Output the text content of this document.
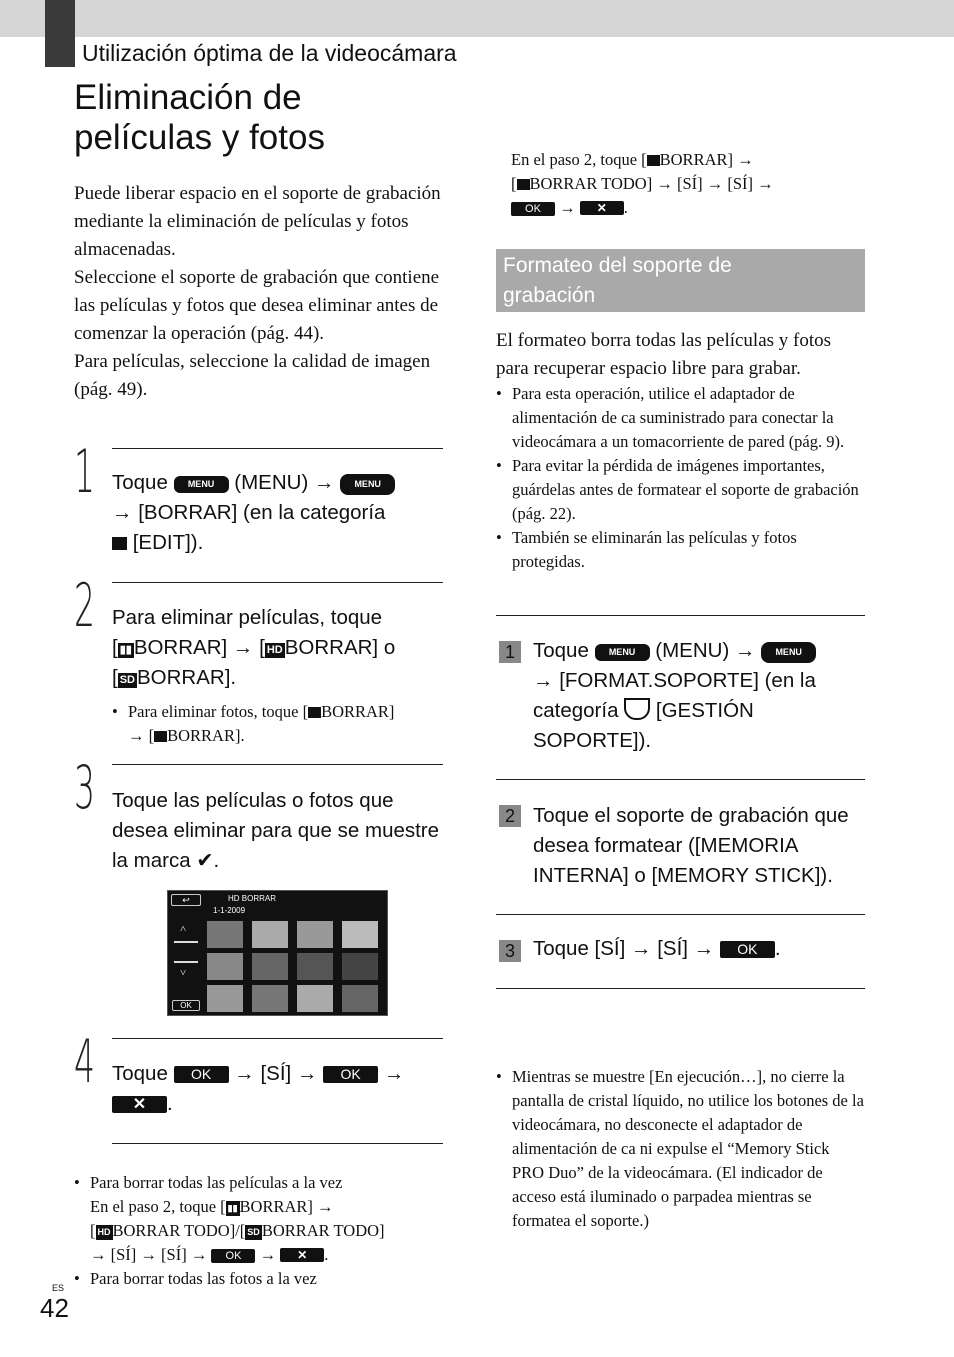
Utilización óptima de la videocámara
Eliminación de
películas y fotos
Puede liberar espacio en el soporte de grabación mediante la eliminación de películas y fotos almacenadas.
Seleccione el soporte de grabación que contiene las películas y fotos que desea eliminar antes de comenzar la operación (pág. 44).
Para películas, seleccione la calidad de imagen (pág. 49).
1 Toque MENU (MENU) → MENU
→ [BORRAR] (en la categoría
[EDIT]).
2 Para eliminar películas, toque
[ ▮▮BORRAR] → [ HDBORRAR] o
[ SDBORRAR].
• Para eliminar fotos, toque [ BORRAR]
→ [ BORRAR].
3 Toque las películas o fotos que desea eliminar para que se muestre la marca ✔.
↩	HD BORRAR
1-1-2009
˄
˅
OK
4 Toque OK → [SÍ] → OK →
✕ .
• Para borrar todas las películas a la vez
En el paso 2, toque [ ▮▮ BORRAR] →
[ HD BORRAR TODO]/[ SD BORRAR TODO]
→ [SÍ] → [SÍ] → OK → ✕ .
• Para borrar todas las fotos a la vez
En el paso 2, toque [ BORRAR] →
[ BORRAR TODO] → [SÍ] → [SÍ] →
OK → ✕ .
Formateo del soporte de
grabación
El formateo borra todas las películas y fotos para recuperar espacio libre para grabar.
• Para esta operación, utilice el adaptador de alimentación de ca suministrado para conectar la videocámara a un tomacorriente de pared (pág. 9).
• Para evitar la pérdida de imágenes importantes, guárdelas antes de formatear el soporte de grabación (pág. 22).
• También se eliminarán las películas y fotos protegidas.
1 Toque MENU (MENU) → MENU
→ [FORMAT.SOPORTE] (en la categoría [GESTIÓN SOPORTE]).
2 Toque el soporte de grabación que desea formatear ([MEMORIA INTERNA] o [MEMORY STICK]).
3 Toque [SÍ] → [SÍ] → OK .
• Mientras se muestre [En ejecución…], no cierre la pantalla de cristal líquido, no utilice los botones de la videocámara, no desconecte el adaptador de alimentación de ca ni expulse el “Memory Stick PRO Duo” de la videocámara. (El indicador de acceso está iluminado o parpadea mientras se formatea el soporte.)
ES
42
